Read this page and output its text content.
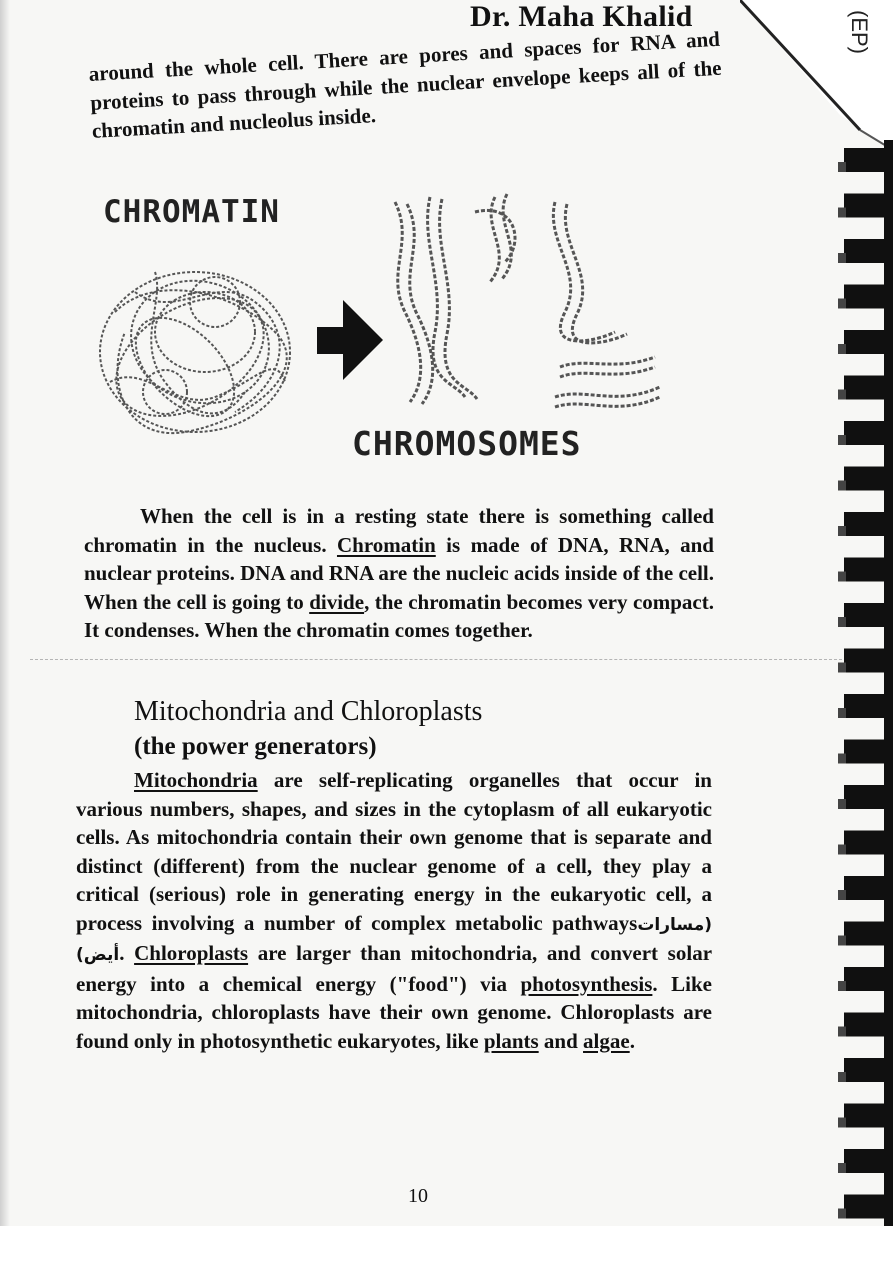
Dr. Maha Khalid	(EP)

around the whole cell. There are pores and spaces for RNA and proteins to pass through while the nuclear envelope keeps all of the chromatin and nucleolus inside.

CHROMATIN
CHROMOSOMES

When the cell is in a resting state there is something called chromatin in the nucleus. Chromatin is made of DNA, RNA, and nuclear proteins. DNA and RNA are the nucleic acids inside of the cell. When the cell is going to divide, the chromatin becomes very compact. It condenses. When the chromatin comes together.

Mitochondria and Chloroplasts
(the power generators)

Mitochondria are self-replicating organelles that occur in various numbers, shapes, and sizes in the cytoplasm of all eukaryotic cells. As mitochondria contain their own genome that is separate and distinct (different) from the nuclear genome of a cell, they play a critical (serious) role in generating energy in the eukaryotic cell, a process involving a number of complex metabolic pathways(مسارات أيض). Chloroplasts are larger than mitochondria, and convert solar energy into a chemical energy ("food") via photosynthesis. Like mitochondria, chloroplasts have their own genome. Chloroplasts are found only in photosynthetic eukaryotes, like plants and algae.

10
